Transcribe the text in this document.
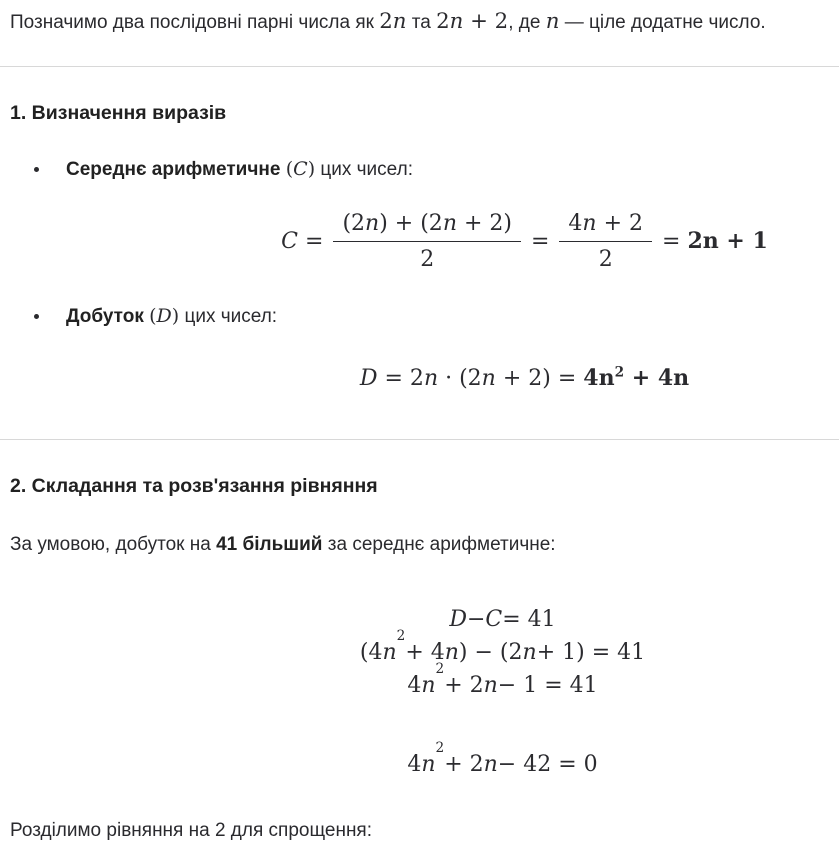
Позначимо два послідовні парні числа як 2n та 2n + 2, де n — ціле додатне число.

1. Визначення виразів
Середнє арифметичне (C) цих чисел:
$C = \frac{(2n) + (2n + 2)}{2} = \frac{4n + 2}{2} = 2n + 1$
Добуток (D) цих чисел:
$D = 2n \cdot (2n + 2) = 4n^2 + 4n$
2. Складання та розв'язання рівняння

За умовою, добуток на 41 більший за середнє арифметичне:

D − C = 41
(4 n
2
+ 4 n ) − (2 n + 1) = 41
4 n
2
+ 2 n − 1 = 41
4 n
2
+ 2 n − 42 = 0

Розділимо рівняння на 2 для спрощення:
